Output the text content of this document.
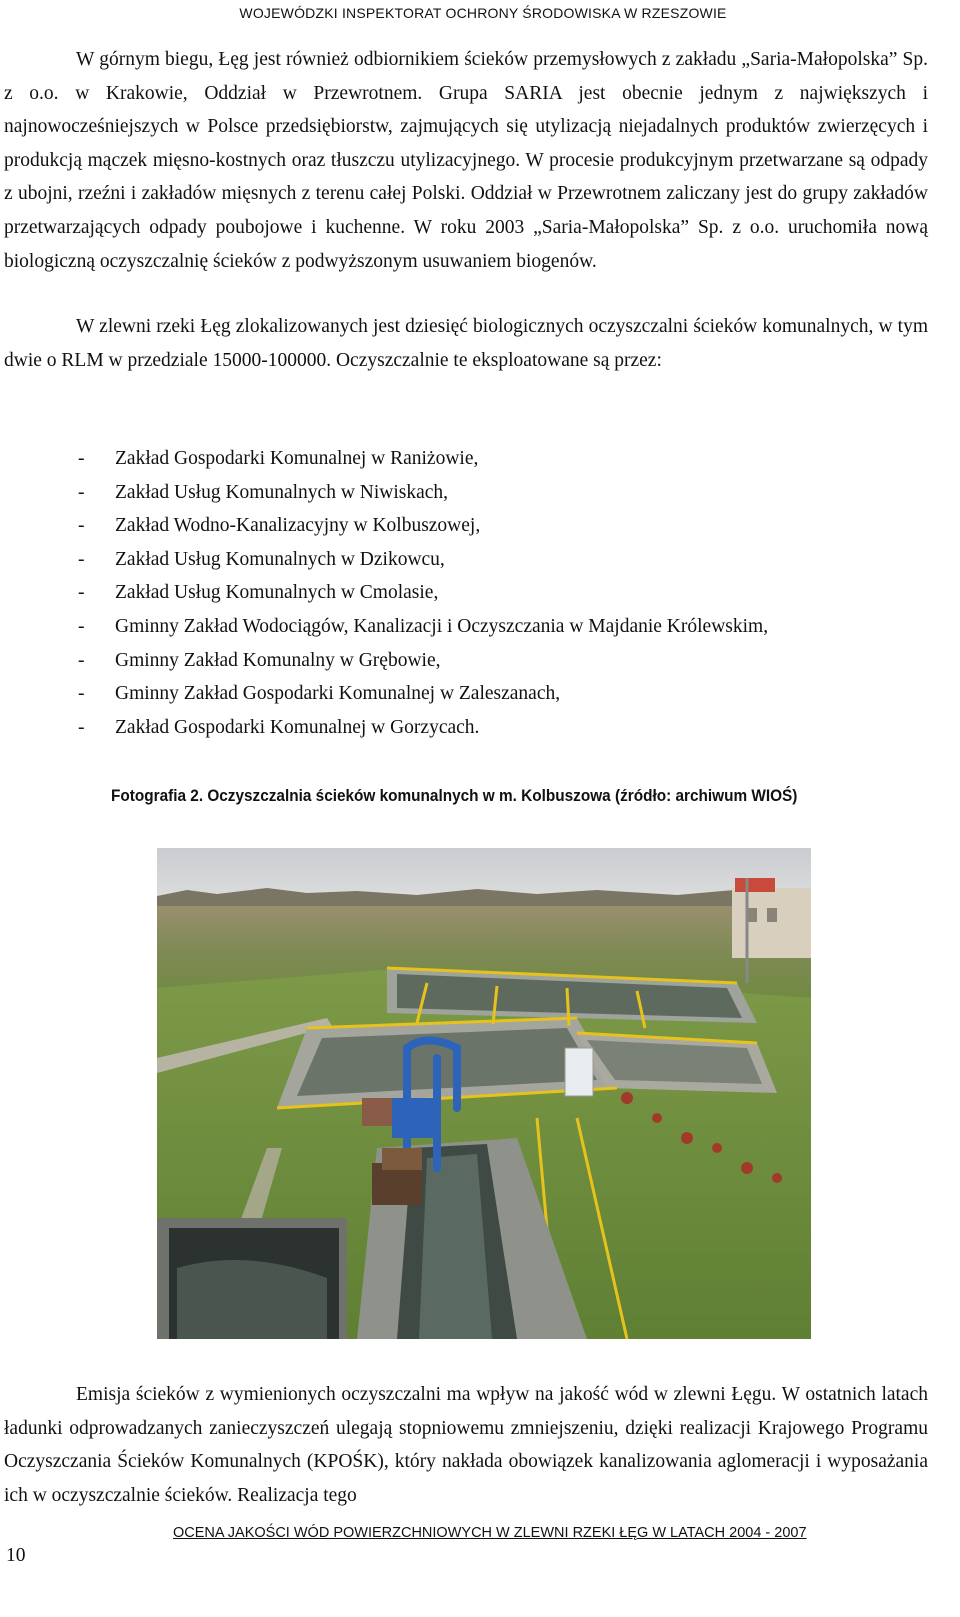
WOJEWÓDZKI INSPEKTORAT OCHRONY ŚRODOWISKA W RZESZOWIE

W górnym biegu, Łęg jest również odbiornikiem ścieków przemysłowych z zakładu „Saria-Małopolska” Sp. z o.o. w Krakowie, Oddział w Przewrotnem. Grupa SARIA jest obecnie jednym z największych i najnowocześniejszych w Polsce przedsiębiorstw, zajmujących się utylizacją niejadalnych produktów zwierzęcych i produkcją mączek mięsno-kostnych oraz tłuszczu utylizacyjnego. W procesie produkcyjnym przetwarzane są odpady z ubojni, rzeźni i zakładów mięsnych z terenu całej Polski. Oddział w Przewrotnem zaliczany jest do grupy zakładów przetwarzających odpady poubojowe i kuchenne. W roku 2003 „Saria-Małopolska” Sp. z o.o. uruchomiła nową biologiczną oczyszczalnię ścieków z podwyższonym usuwaniem biogenów.

W zlewni rzeki Łęg zlokalizowanych jest dziesięć biologicznych oczyszczalni ścieków komunalnych, w tym dwie o RLM w przedziale 15000-100000. Oczyszczalnie te eksploatowane są przez:

- Zakład Gospodarki Komunalnej w Raniżowie,
- Zakład Usług Komunalnych w Niwiskach,
- Zakład Wodno-Kanalizacyjny w Kolbuszowej,
- Zakład Usług Komunalnych w Dzikowcu,
- Zakład Usług Komunalnych w Cmolasie,
- Gminny Zakład Wodociągów, Kanalizacji i Oczyszczania w Majdanie Królewskim,
- Gminny Zakład Komunalny w Grębowie,
- Gminny Zakład Gospodarki Komunalnej w Zaleszanach,
- Zakład Gospodarki Komunalnej w Gorzycach.

Fotografia 2. Oczyszczalnia ścieków komunalnych w m. Kolbuszowa (źródło: archiwum WIOŚ)

OCENA JAKOŚCI WÓD POWIERZCHNIOWYCH W ZLEWNI RZEKI ŁĘG W LATACH 2004 - 2007
10

Emisja ścieków z wymienionych oczyszczalni ma wpływ na jakość wód w zlewni Łęgu. W ostatnich latach ładunki odprowadzanych zanieczyszczeń ulegają stopniowemu zmniejszeniu, dzięki realizacji Krajowego Programu Oczyszczania Ścieków Komunalnych (KPOŚK), który nakłada obowiązek kanalizowania aglomeracji i wyposażania ich w oczyszczalnie ścieków. Realizacja tego
